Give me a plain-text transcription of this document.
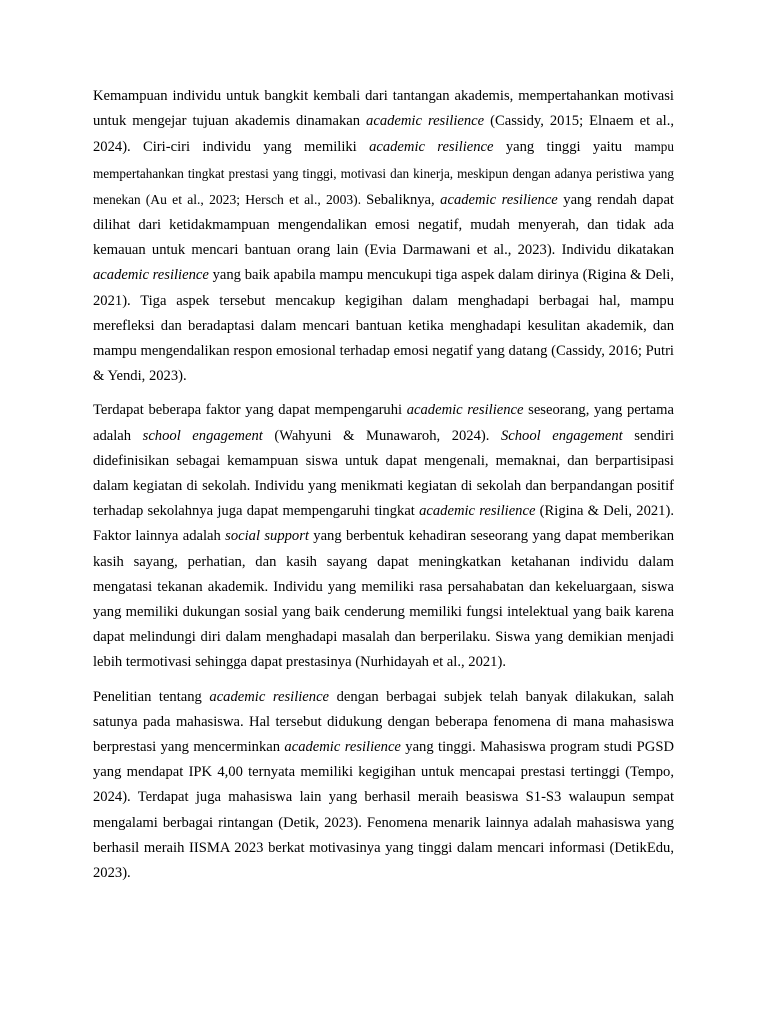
Kemampuan individu untuk bangkit kembali dari tantangan akademis, mempertahankan motivasi untuk mengejar tujuan akademis dinamakan academic resilience (Cassidy, 2015; Elnaem et al., 2024). Ciri-ciri individu yang memiliki academic resilience yang tinggi yaitu mampu mempertahankan tingkat prestasi yang tinggi, motivasi dan kinerja, meskipun dengan adanya peristiwa yang menekan (Au et al., 2023; Hersch et al., 2003). Sebaliknya, academic resilience yang rendah dapat dilihat dari ketidakmampuan mengendalikan emosi negatif, mudah menyerah, dan tidak ada kemauan untuk mencari bantuan orang lain (Evia Darmawani et al., 2023). Individu dikatakan academic resilience yang baik apabila mampu mencukupi tiga aspek dalam dirinya (Rigina & Deli, 2021). Tiga aspek tersebut mencakup kegigihan dalam menghadapi berbagai hal, mampu merefleksi dan beradaptasi dalam mencari bantuan ketika menghadapi kesulitan akademik, dan mampu mengendalikan respon emosional terhadap emosi negatif yang datang (Cassidy, 2016; Putri & Yendi, 2023).

Terdapat beberapa faktor yang dapat mempengaruhi academic resilience seseorang, yang pertama adalah school engagement (Wahyuni & Munawaroh, 2024). School engagement sendiri didefinisikan sebagai kemampuan siswa untuk dapat mengenali, memaknai, dan berpartisipasi dalam kegiatan di sekolah. Individu yang menikmati kegiatan di sekolah dan berpandangan positif terhadap sekolahnya juga dapat mempengaruhi tingkat academic resilience (Rigina & Deli, 2021). Faktor lainnya adalah social support yang berbentuk kehadiran seseorang yang dapat memberikan kasih sayang, perhatian, dan kasih sayang dapat meningkatkan ketahanan individu dalam mengatasi tekanan akademik. Individu yang memiliki rasa persahabatan dan kekeluargaan, siswa yang memiliki dukungan sosial yang baik cenderung memiliki fungsi intelektual yang baik karena dapat melindungi diri dalam menghadapi masalah dan berperilaku. Siswa yang demikian menjadi lebih termotivasi sehingga dapat prestasinya (Nurhidayah et al., 2021).

Penelitian tentang academic resilience dengan berbagai subjek telah banyak dilakukan, salah satunya pada mahasiswa. Hal tersebut didukung dengan beberapa fenomena di mana mahasiswa berprestasi yang mencerminkan academic resilience yang tinggi. Mahasiswa program studi PGSD yang mendapat IPK 4,00 ternyata memiliki kegigihan untuk mencapai prestasi tertinggi (Tempo, 2024). Terdapat juga mahasiswa lain yang berhasil meraih beasiswa S1-S3 walaupun sempat mengalami berbagai rintangan (Detik, 2023). Fenomena menarik lainnya adalah mahasiswa yang berhasil meraih IISMA 2023 berkat motivasinya yang tinggi dalam mencari informasi (DetikEdu, 2023).
